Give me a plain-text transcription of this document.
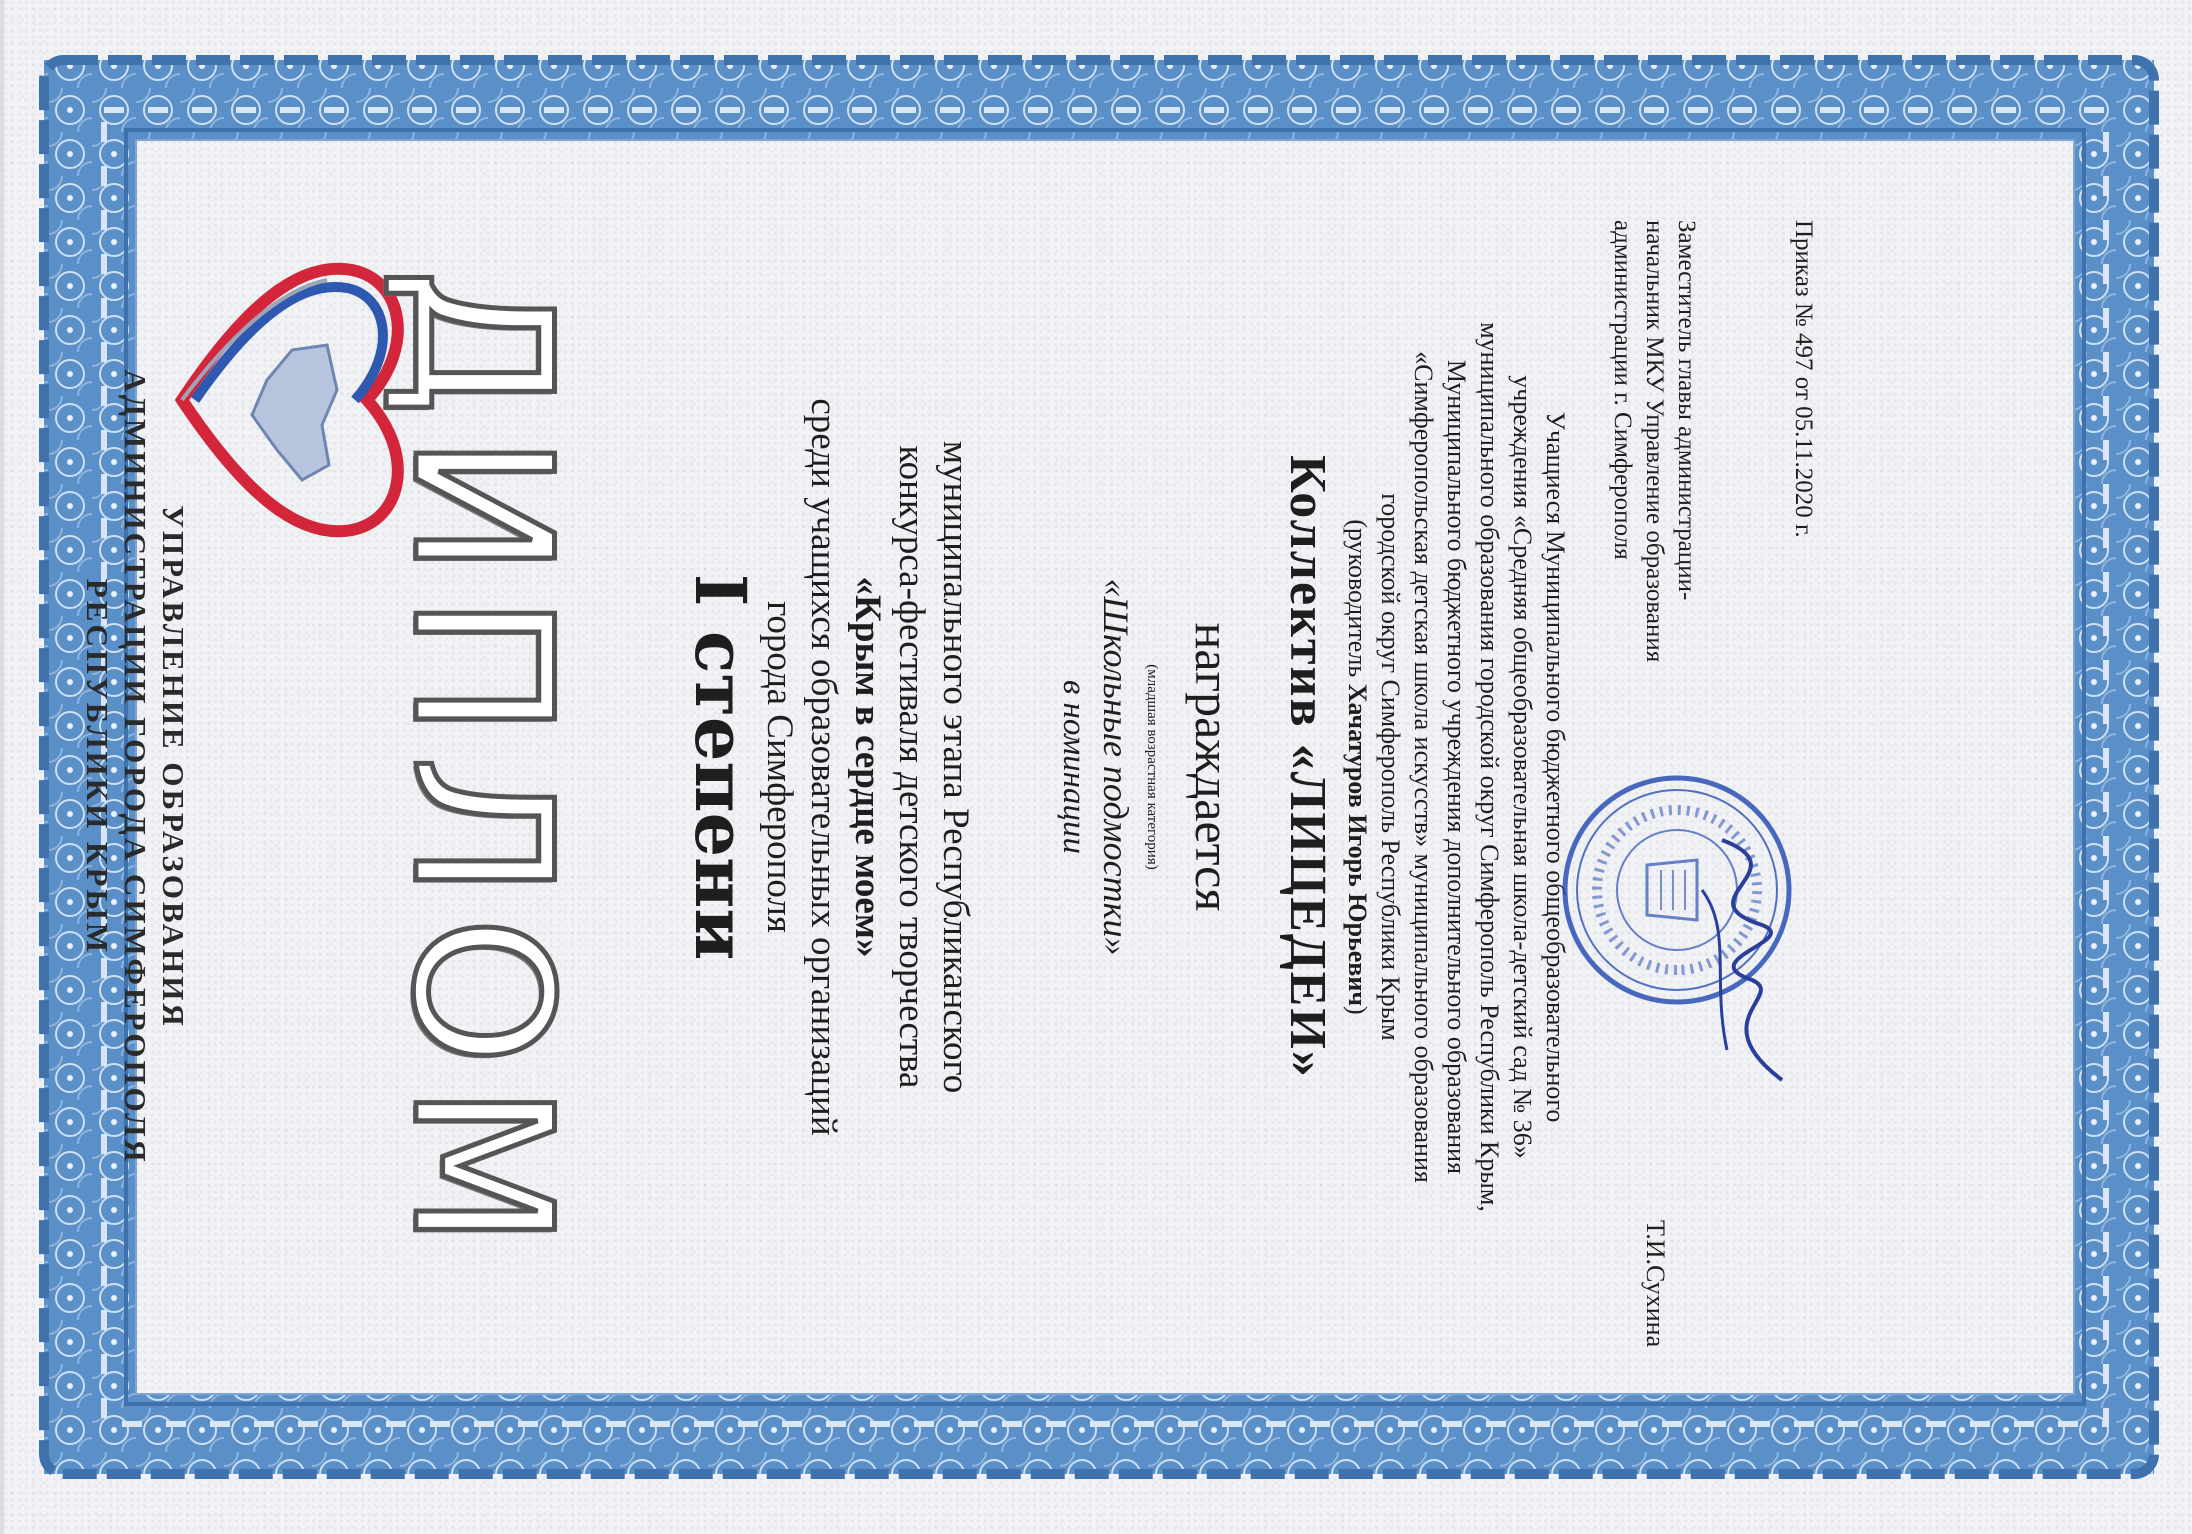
УПРАВЛЕНИЕ ОБРАЗОВАНИЯ
АДМИНИСТРАЦИИ ГОРОДА СИМФЕРОПОЛЯ
РЕСПУБЛИКИ КРЫМ ДИПЛОМ I степени	муниципального этапа Республиканского
конкурса-фестиваля детского творчества
«Крым в сердце моем»
среди учащихся образовательных организаций
города Симферополя	в номинации «Школьные подмостки» (младшая возрастная категория) награждается Коллектив «ЛИЦЕДЕИ»	Учащиеся Муниципального бюджетного общеобразовательного
учреждения «Средняя общеобразовательная школа-детский сад № 36»
муниципального образования городской округ Симферополь Республики Крым,
Муниципального бюджетного учреждения дополнительного образования
«Симферопольская детская школа искусств» муниципального образования
городской округ Симферополь Республики Крым
(руководитель Хачатуров Игорь Юрьевич)
Заместитель главы администрации-
начальник МКУ Управление образования
администрации г. Симферополя
Т.И.Сухина
Приказ № 497 от 05.11.2020 г.
